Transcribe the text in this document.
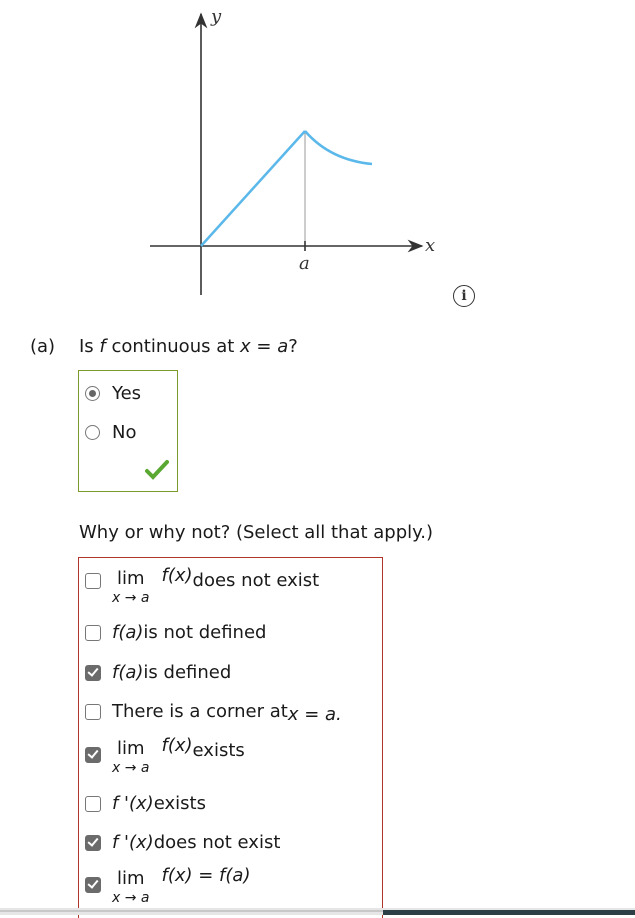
y
x
a
i
(a) Is f continuous at x = a?
Yes
No
Why or why not? (Select all that apply.)
lim
x → a
f(x) does not exist
f(a) is not defined
f(a) is defined
There is a corner at x = a.
lim
x → a
f(x) exists
f '(x) exists
f '(x) does not exist
lim
x → a
f(x) = f(a)
